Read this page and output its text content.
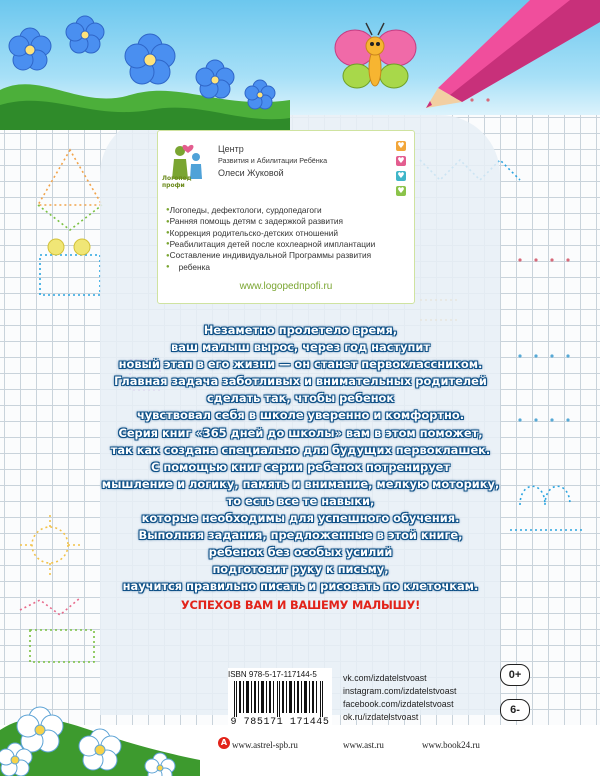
Логопед профи
Центр
Развития и Абилитации Ребёнка
Олеси Жуковой
♥
♥
♥
♥
● Логопеды, дефектологи, сурдопедагоги
● Ранняя помощь детям с задержкой развития
● Коррекция родительско-детских отношений
● Реабилитация детей после кохлеарной имплантации
● Составление индивидуальной Программы развития
● ребенка
www.logopedпрofi.ru
Незаметно пролетело время,
ваш малыш вырос, через год наступит
новый этап в его жизни — он станет первоклассником.
Главная задача заботливых и внимательных родителей
сделать так, чтобы ребенок
чувствовал себя в школе уверенно и комфортно.
Серия книг «365 дней до школы» вам в этом поможет,
так как создана специально для будущих первоклашек.
С помощью книг серии ребенок потренирует
мышление и логику, память и внимание, мелкую моторику,
то есть все те навыки,
которые необходимы для успешного обучения.
Выполняя задания, предложенные в этой книге,
ребенок без особых усилий
подготовит руку к письму,
научится правильно писать и рисовать по клеточкам.
УСПЕХОВ ВАМ И ВАШЕМУ МАЛЫШУ!
ISBN 978-5-17-117144-5
9 785171 171445
vk.com/izdatelstvoast
instagram.com/izdatelstvoast
facebook.com/izdatelstvoast
ok.ru/izdatelstvoast
0+
6-
A www.astrel-spb.ru	www.ast.ru	www.book24.ru
